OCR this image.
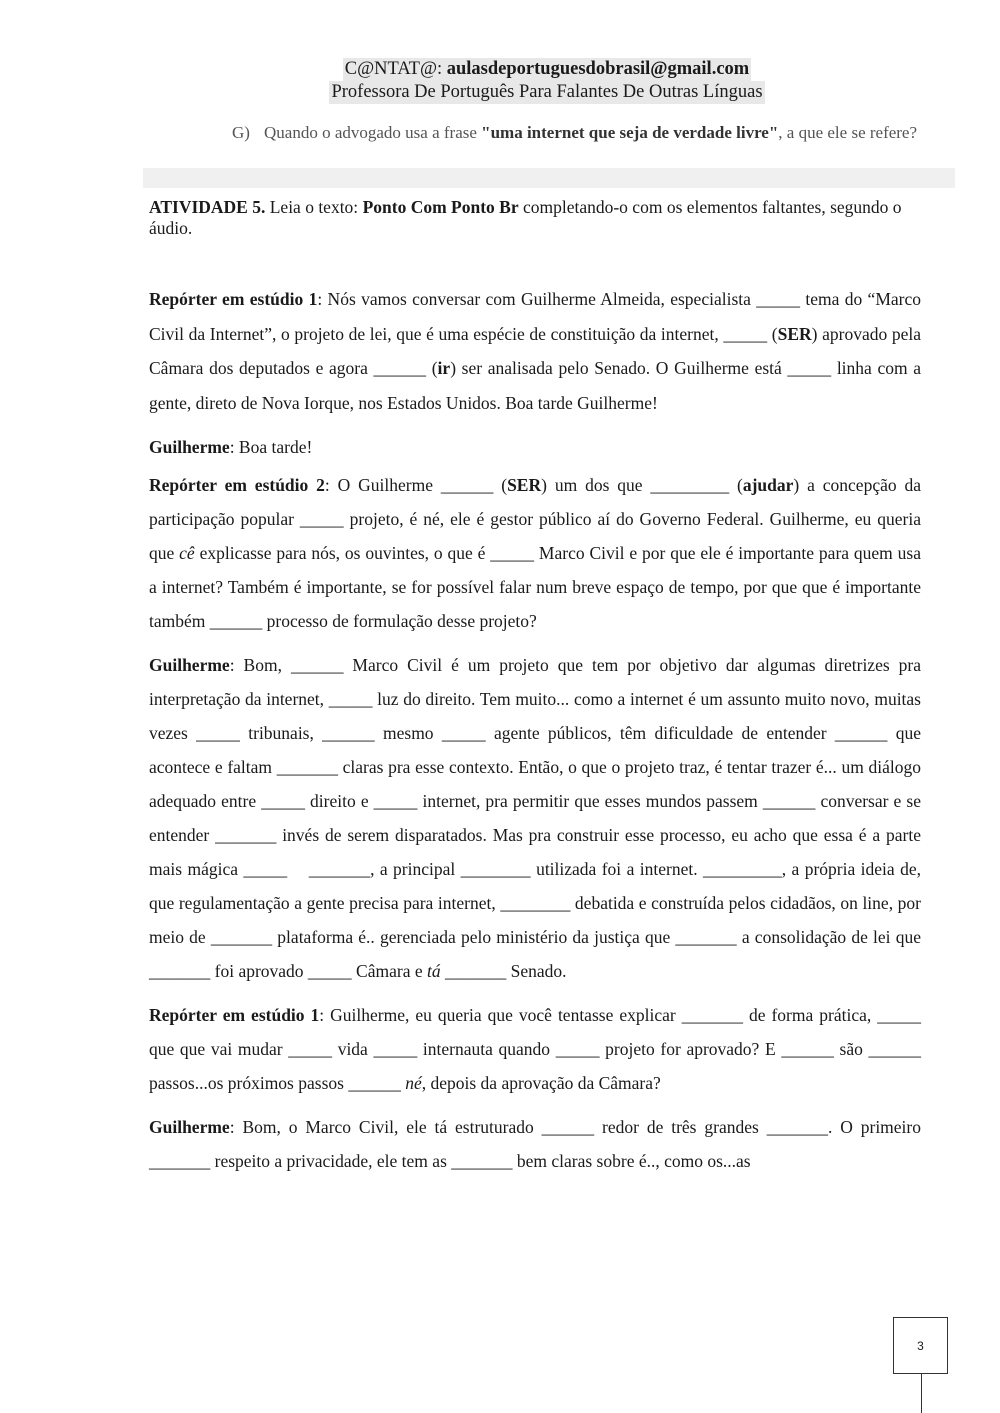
C@NTAT@: aulasdeportuguesdobrasil@gmail.com
Professora De Português Para Falantes De Outras Línguas
G) Quando o advogado usa a frase "uma internet que seja de verdade livre", a que ele se refere?
ATIVIDADE 5. Leia o texto: Ponto Com Ponto Br completando-o com os elementos faltantes, segundo o áudio.

Repórter em estúdio 1: Nós vamos conversar com Guilherme Almeida, especialista _____ tema do “Marco Civil da Internet”, o projeto de lei, que é uma espécie de constituição da internet, _____ (SER) aprovado pela Câmara dos deputados e agora ______ (ir) ser analisada pelo Senado. O Guilherme está _____ linha com a gente, direto de Nova Iorque, nos Estados Unidos. Boa tarde Guilherme!

Guilherme: Boa tarde!

Repórter em estúdio 2: O Guilherme ______ (SER) um dos que _________ (ajudar) a concepção da participação popular _____ projeto, é né, ele é gestor público aí do Governo Federal. Guilherme, eu queria que cê explicasse para nós, os ouvintes, o que é _____ Marco Civil e por que ele é importante para quem usa a internet? Também é importante, se for possível falar num breve espaço de tempo, por que que é importante também ______ processo de formulação desse projeto?

Guilherme: Bom, ______ Marco Civil é um projeto que tem por objetivo dar algumas diretrizes pra interpretação da internet, _____ luz do direito. Tem muito... como a internet é um assunto muito novo, muitas vezes _____ tribunais, ______ mesmo _____ agente públicos, têm dificuldade de entender ______ que acontece e faltam _______ claras pra esse contexto. Então, o que o projeto traz, é tentar trazer é... um diálogo adequado entre _____ direito e _____ internet, pra permitir que esses mundos passem ______ conversar e se entender _______ invés de serem disparatados. Mas pra construir esse processo, eu acho que essa é a parte mais mágica _____    _______, a principal ________ utilizada foi a internet. _________, a própria ideia de, que regulamentação a gente precisa para internet, ________ debatida e construída pelos cidadãos, on line, por meio de _______ plataforma é.. gerenciada pelo ministério da justiça que _______ a consolidação de lei que _______ foi aprovado _____ Câmara e tá _______ Senado.

Repórter em estúdio 1: Guilherme, eu queria que você tentasse explicar _______ de forma prática, _____ que que vai mudar _____ vida _____ internauta quando _____ projeto for aprovado? E ______ são ______ passos...os próximos passos ______ né, depois da aprovação da Câmara?

Guilherme: Bom, o Marco Civil, ele tá estruturado ______ redor de três grandes _______. O primeiro _______ respeito a privacidade, ele tem as _______ bem claras sobre é.., como os...as

3
